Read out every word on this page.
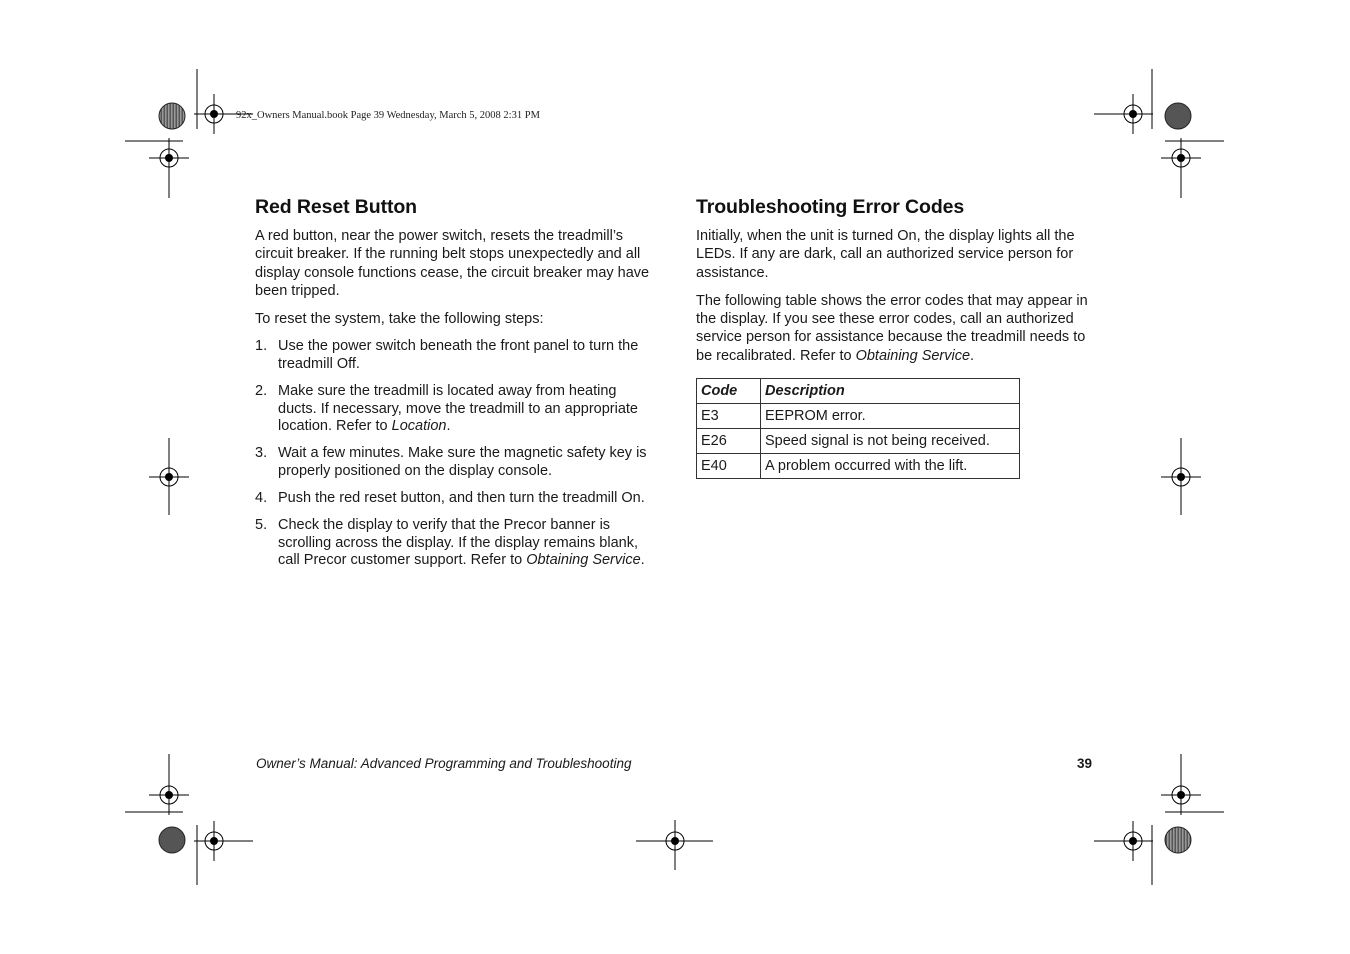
92x_Owners Manual.book Page 39 Wednesday, March 5, 2008 2:31 PM
Red Reset Button

A red button, near the power switch, resets the treadmill’s circuit breaker. If the running belt stops unexpectedly and all display console functions cease, the circuit breaker may have been tripped.

To reset the system, take the following steps:

1. Use the power switch beneath the front panel to turn the treadmill Off.
2. Make sure the treadmill is located away from heating ducts. If necessary, move the treadmill to an appropriate location. Refer to Location.
3. Wait a few minutes. Make sure the magnetic safety key is properly positioned on the display console.
4. Push the red reset button, and then turn the treadmill On.
5. Check the display to verify that the Precor banner is scrolling across the display. If the display remains blank, call Precor customer support. Refer to Obtaining Service.
Troubleshooting Error Codes

Initially, when the unit is turned On, the display lights all the LEDs. If any are dark, call an authorized service person for assistance.

The following table shows the error codes that may appear in the display. If you see these error codes, call an authorized service person for assistance because the treadmill needs to be recalibrated. Refer to Obtaining Service.

Code	Description
E3	EEPROM error.
E26	Speed signal is not being received.
E40	A problem occurred with the lift.
Owner’s Manual: Advanced Programming and Troubleshooting	39
